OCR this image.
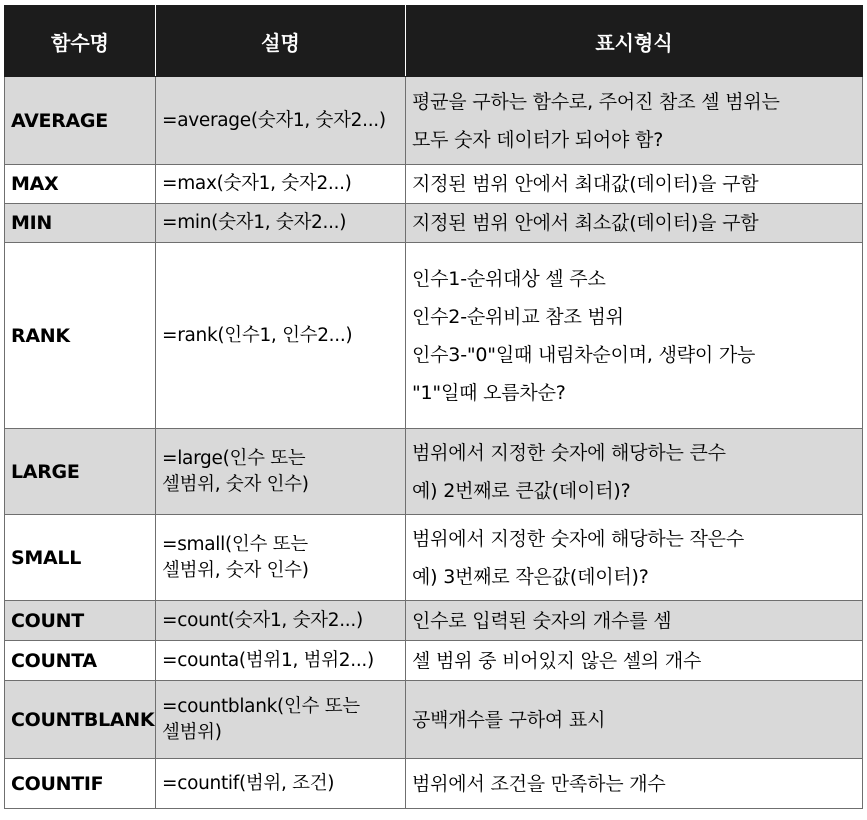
함수명	설명	표시형식
AVERAGE	=average(숫자1, 숫자2...)	평균을 구하는 함수로, 주어진 참조 셀 범위는
모두 숫자 데이터가 되어야 함?

MAX	=max(숫자1, 숫자2...)	지정된 범위 안에서 최대값(데이터)을 구함

MIN	=min(숫자1, 숫자2...)	지정된 범위 안에서 최소값(데이터)을 구함

RANK	=rank(인수1, 인수2...)	인수1-순위대상 셀 주소
인수2-순위비교 참조 범위
인수3-"0"일때 내림차순이며, 생략이 가능
"1"일때 오름차순?

LARGE	=large(인수 또는
셀범위, 숫자 인수)	범위에서 지정한 숫자에 해당하는 큰수
예) 2번째로 큰값(데이터)?

SMALL	=small(인수 또는
셀범위, 숫자 인수)	범위에서 지정한 숫자에 해당하는 작은수
예) 3번째로 작은값(데이터)?

COUNT	=count(숫자1, 숫자2...)	인수로 입력된 숫자의 개수를 셈

COUNTA	=counta(범위1, 범위2...)	셀 범위 중 비어있지 않은 셀의 개수

COUNTBLANK	=countblank(인수 또는
셀범위)	공백개수를 구하여 표시

COUNTIF	=countif(범위, 조건)	범위에서 조건을 만족하는 개수
